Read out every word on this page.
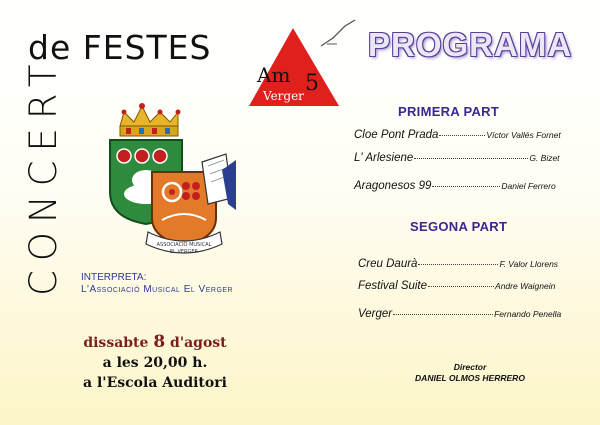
CONCERT
de FESTES
ASSOCIACIÓ MUSICAL
EL VERGER
INTERPRETA:
L'Associació Musical El Verger
dissabte 8 d'agost
a les 20,00 h.
a l'Escola Auditori
Am 5
Verger
PROGRAMA
PRIMERA PART
Cloe Pont Prada	Víctor Vallés Fornet
L' Arlesiene	G. Bizet
Aragonesos 99	Daniel Ferrero
SEGONA PART
Creu Daurà	F. Valor Llorens
Festival Suite	Andre Waignein
Verger	Fernando Penella
Director
DANIEL OLMOS HERRERO
